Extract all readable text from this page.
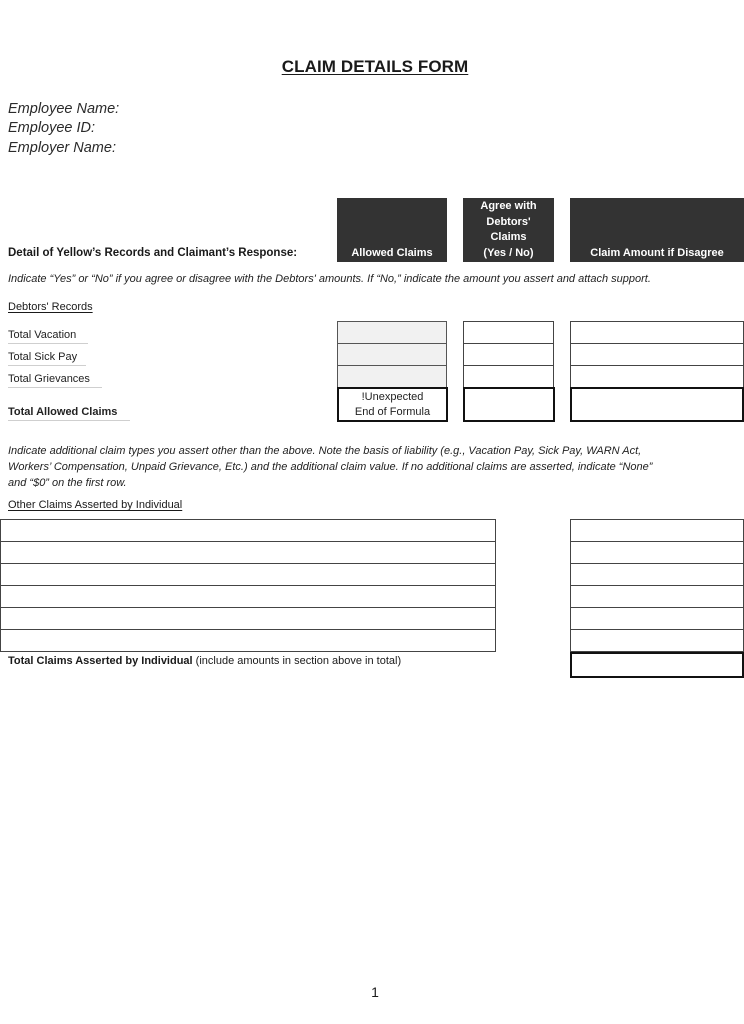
CLAIM DETAILS FORM
Employee Name:
Employee ID:
Employer Name:
Detail of Yellow’s Records and Claimant’s Response:	Allowed Claims
Agree with
Debtors'
Claims
(Yes / No)	Claim Amount if Disagree
Indicate “Yes” or “No” if you agree or disagree with the Debtors' amounts. If “No,” indicate the amount you assert and attach support.
Debtors' Records
Total Vacation
Total Sick Pay
Total Grievances
Total Allowed Claims
!Unexpected
End of Formula
Indicate additional claim types you assert other than the above. Note the basis of liability (e.g., Vacation Pay, Sick Pay, WARN Act,
Workers’ Compensation, Unpaid Grievance, Etc.) and the additional claim value. If no additional claims are asserted, indicate “None”
and “$0” on the first row.
Other Claims Asserted by Individual
Total Claims Asserted by Individual (include amounts in section above in total)
1
